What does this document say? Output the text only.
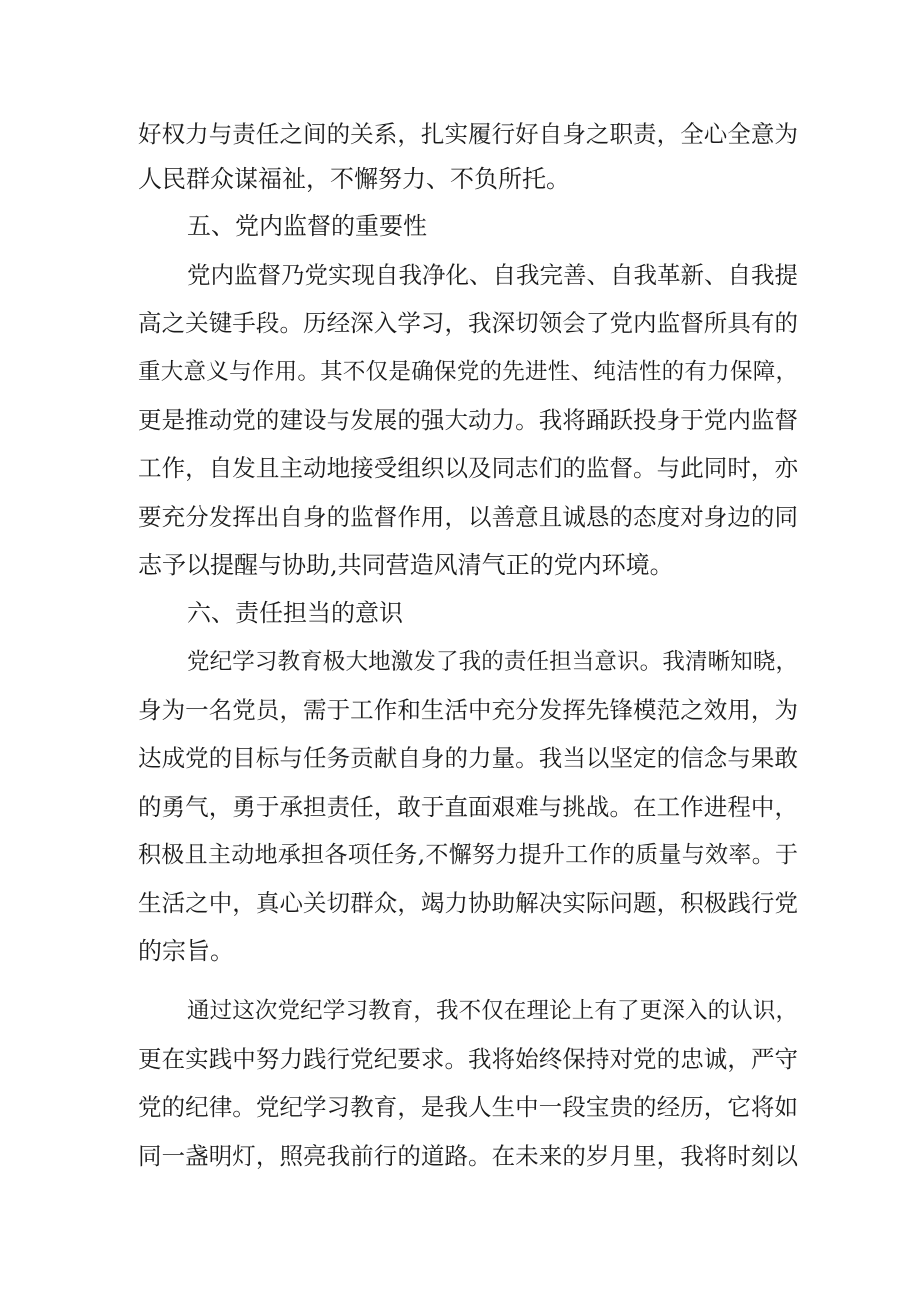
好权力与责任之间的关系，扎实履行好自身之职责，全心全意为
人民群众谋福祉，不懈努力、不负所托。
五、党内监督的重要性
党内监督乃党实现自我净化、自我完善、自我革新、自我提
高之关键手段。历经深入学习，我深切领会了党内监督所具有的
重大意义与作用。其不仅是确保党的先进性、纯洁性的有力保障，
更是推动党的建设与发展的强大动力。我将踊跃投身于党内监督
工作，自发且主动地接受组织以及同志们的监督。与此同时，亦
要充分发挥出自身的监督作用，以善意且诚恳的态度对身边的同
志予以提醒与协助,共同营造风清气正的党内环境。
六、责任担当的意识
党纪学习教育极大地激发了我的责任担当意识。我清晰知晓，
身为一名党员，需于工作和生活中充分发挥先锋模范之效用，为
达成党的目标与任务贡献自身的力量。我当以坚定的信念与果敢
的勇气，勇于承担责任，敢于直面艰难与挑战。在工作进程中，
积极且主动地承担各项任务,不懈努力提升工作的质量与效率。于
生活之中，真心关切群众，竭力协助解决实际问题，积极践行党
的宗旨。
通过这次党纪学习教育，我不仅在理论上有了更深入的认识，
更在实践中努力践行党纪要求。我将始终保持对党的忠诚，严守
党的纪律。党纪学习教育，是我人生中一段宝贵的经历，它将如
同一盏明灯，照亮我前行的道路。在未来的岁月里，我将时刻以
